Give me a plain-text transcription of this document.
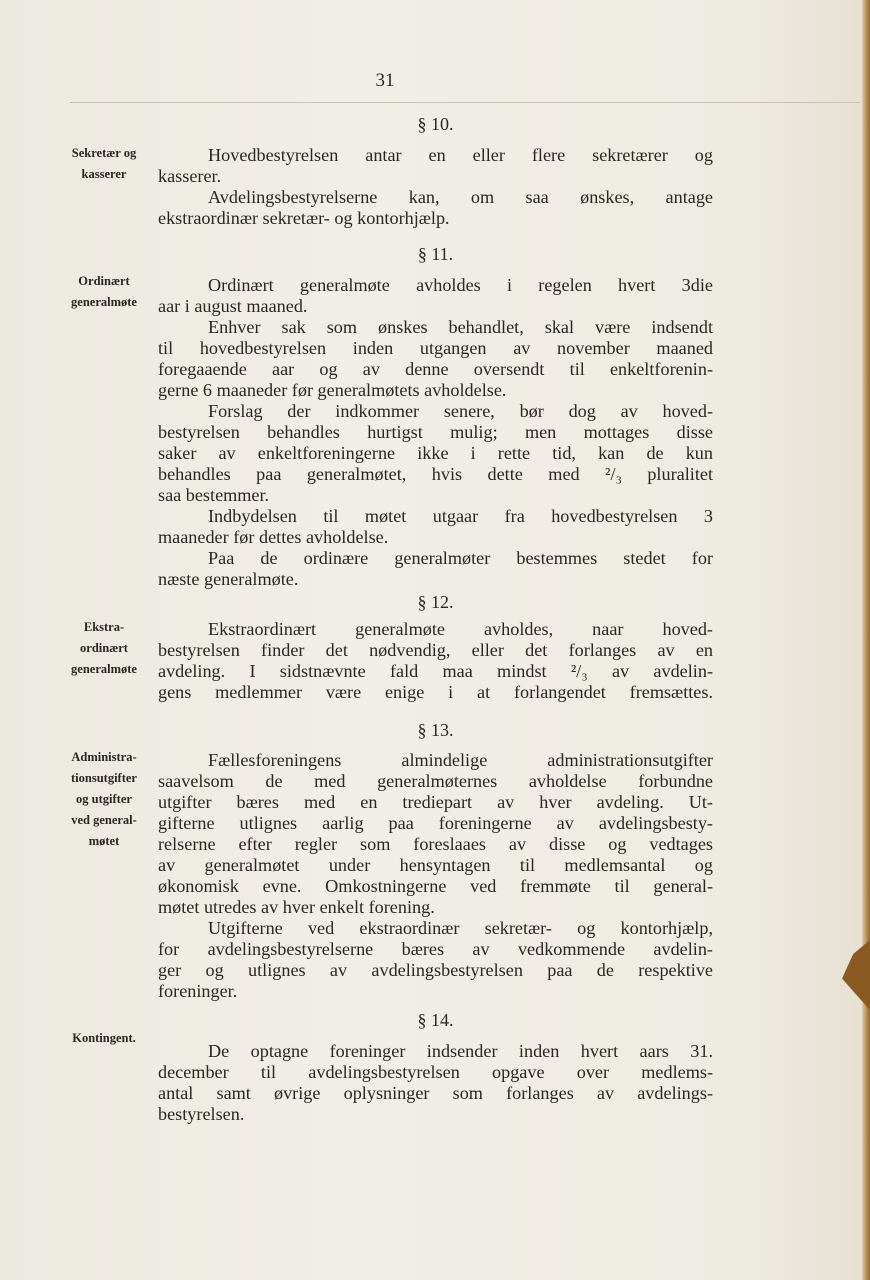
31
§ 10.
Sekretær og
kasserer
Hovedbestyrelsen antar en eller flere sekretærer og
kasserer.
Avdelingsbestyrelserne kan, om saa ønskes, antage
ekstraordinær sekretær- og kontorhjælp.
§ 11.
Ordinært
generalmøte
Ordinært generalmøte avholdes i regelen hvert 3die
aar i august maaned.
Enhver sak som ønskes behandlet, skal være indsendt
til hovedbestyrelsen inden utgangen av november maaned
foregaaende aar og av denne oversendt til enkeltforenin-
gerne 6 maaneder før generalmøtets avholdelse.
Forslag der indkommer senere, bør dog av hoved-
bestyrelsen behandles hurtigst mulig; men mottages disse
saker av enkeltforeningerne ikke i rette tid, kan de kun
behandles paa generalmøtet, hvis dette med ²/₃ pluralitet
saa bestemmer.
Indbydelsen til møtet utgaar fra hovedbestyrelsen 3
maaneder før dettes avholdelse.
Paa de ordinære generalmøter bestemmes stedet for
næste generalmøte.
§ 12.
Ekstra-
ordinært
generalmøte
Ekstraordinært generalmøte avholdes, naar hoved-
bestyrelsen finder det nødvendig, eller det forlanges av en
avdeling. I sidstnævnte fald maa mindst ²/₃ av avdelin-
gens medlemmer være enige i at forlangendet fremsættes.
§ 13.
Administra-
tionsutgifter
og utgifter
ved general-
møtet
Fællesforeningens almindelige administrationsutgifter
saavelsom de med generalmøternes avholdelse forbundne
utgifter bæres med en trediepart av hver avdeling. Ut-
gifterne utlignes aarlig paa foreningerne av avdelingsbesty-
relserne efter regler som foreslaaes av disse og vedtages
av generalmøtet under hensyntagen til medlemsantal og
økonomisk evne. Omkostningerne ved fremmøte til general-
møtet utredes av hver enkelt forening.
Utgifterne ved ekstraordinær sekretær- og kontorhjælp,
for avdelingsbestyrelserne bæres av vedkommende avdelin-
ger og utlignes av avdelingsbestyrelsen paa de respektive
foreninger.
§ 14.
Kontingent.
De optagne foreninger indsender inden hvert aars 31.
december til avdelingsbestyrelsen opgave over medlems-
antal samt øvrige oplysninger som forlanges av avdelings-
bestyrelsen.
